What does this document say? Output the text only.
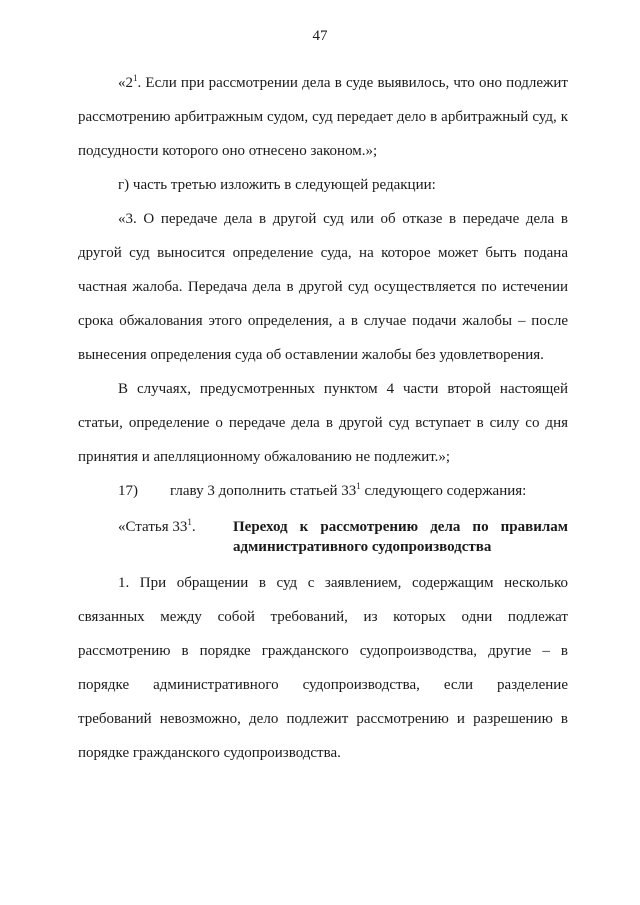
47

«$2^1$. Если при рассмотрении дела в суде выявилось, что оно подлежит рассмотрению арбитражным судом, суд передает дело в арбитражный суд, к подсудности которого оно отнесено законом.»;

г) часть третью изложить в следующей редакции:

«3. О передаче дела в другой суд или об отказе в передаче дела в другой суд выносится определение суда, на которое может быть подана частная жалоба. Передача дела в другой суд осуществляется по истечении срока обжалования этого определения, а в случае подачи жалобы – после вынесения определения суда об оставлении жалобы без удовлетворения.

В случаях, предусмотренных пунктом 4 части второй настоящей статьи, определение о передаче дела в другой суд вступает в силу со дня принятия и апелляционному обжалованию не подлежит.»;

17) главу 3 дополнить статьей $33^1$ следующего содержания:

«Статья $33^1$.	Переход к рассмотрению дела по правилам административного судопроизводства

1. При обращении в суд с заявлением, содержащим несколько

связанных между собой требований, из которых одни подлежат

рассмотрению в порядке гражданского судопроизводства, другие – в

порядке административного судопроизводства, если разделение

требований невозможно, дело подлежит рассмотрению и разрешению в

порядке гражданского судопроизводства.
